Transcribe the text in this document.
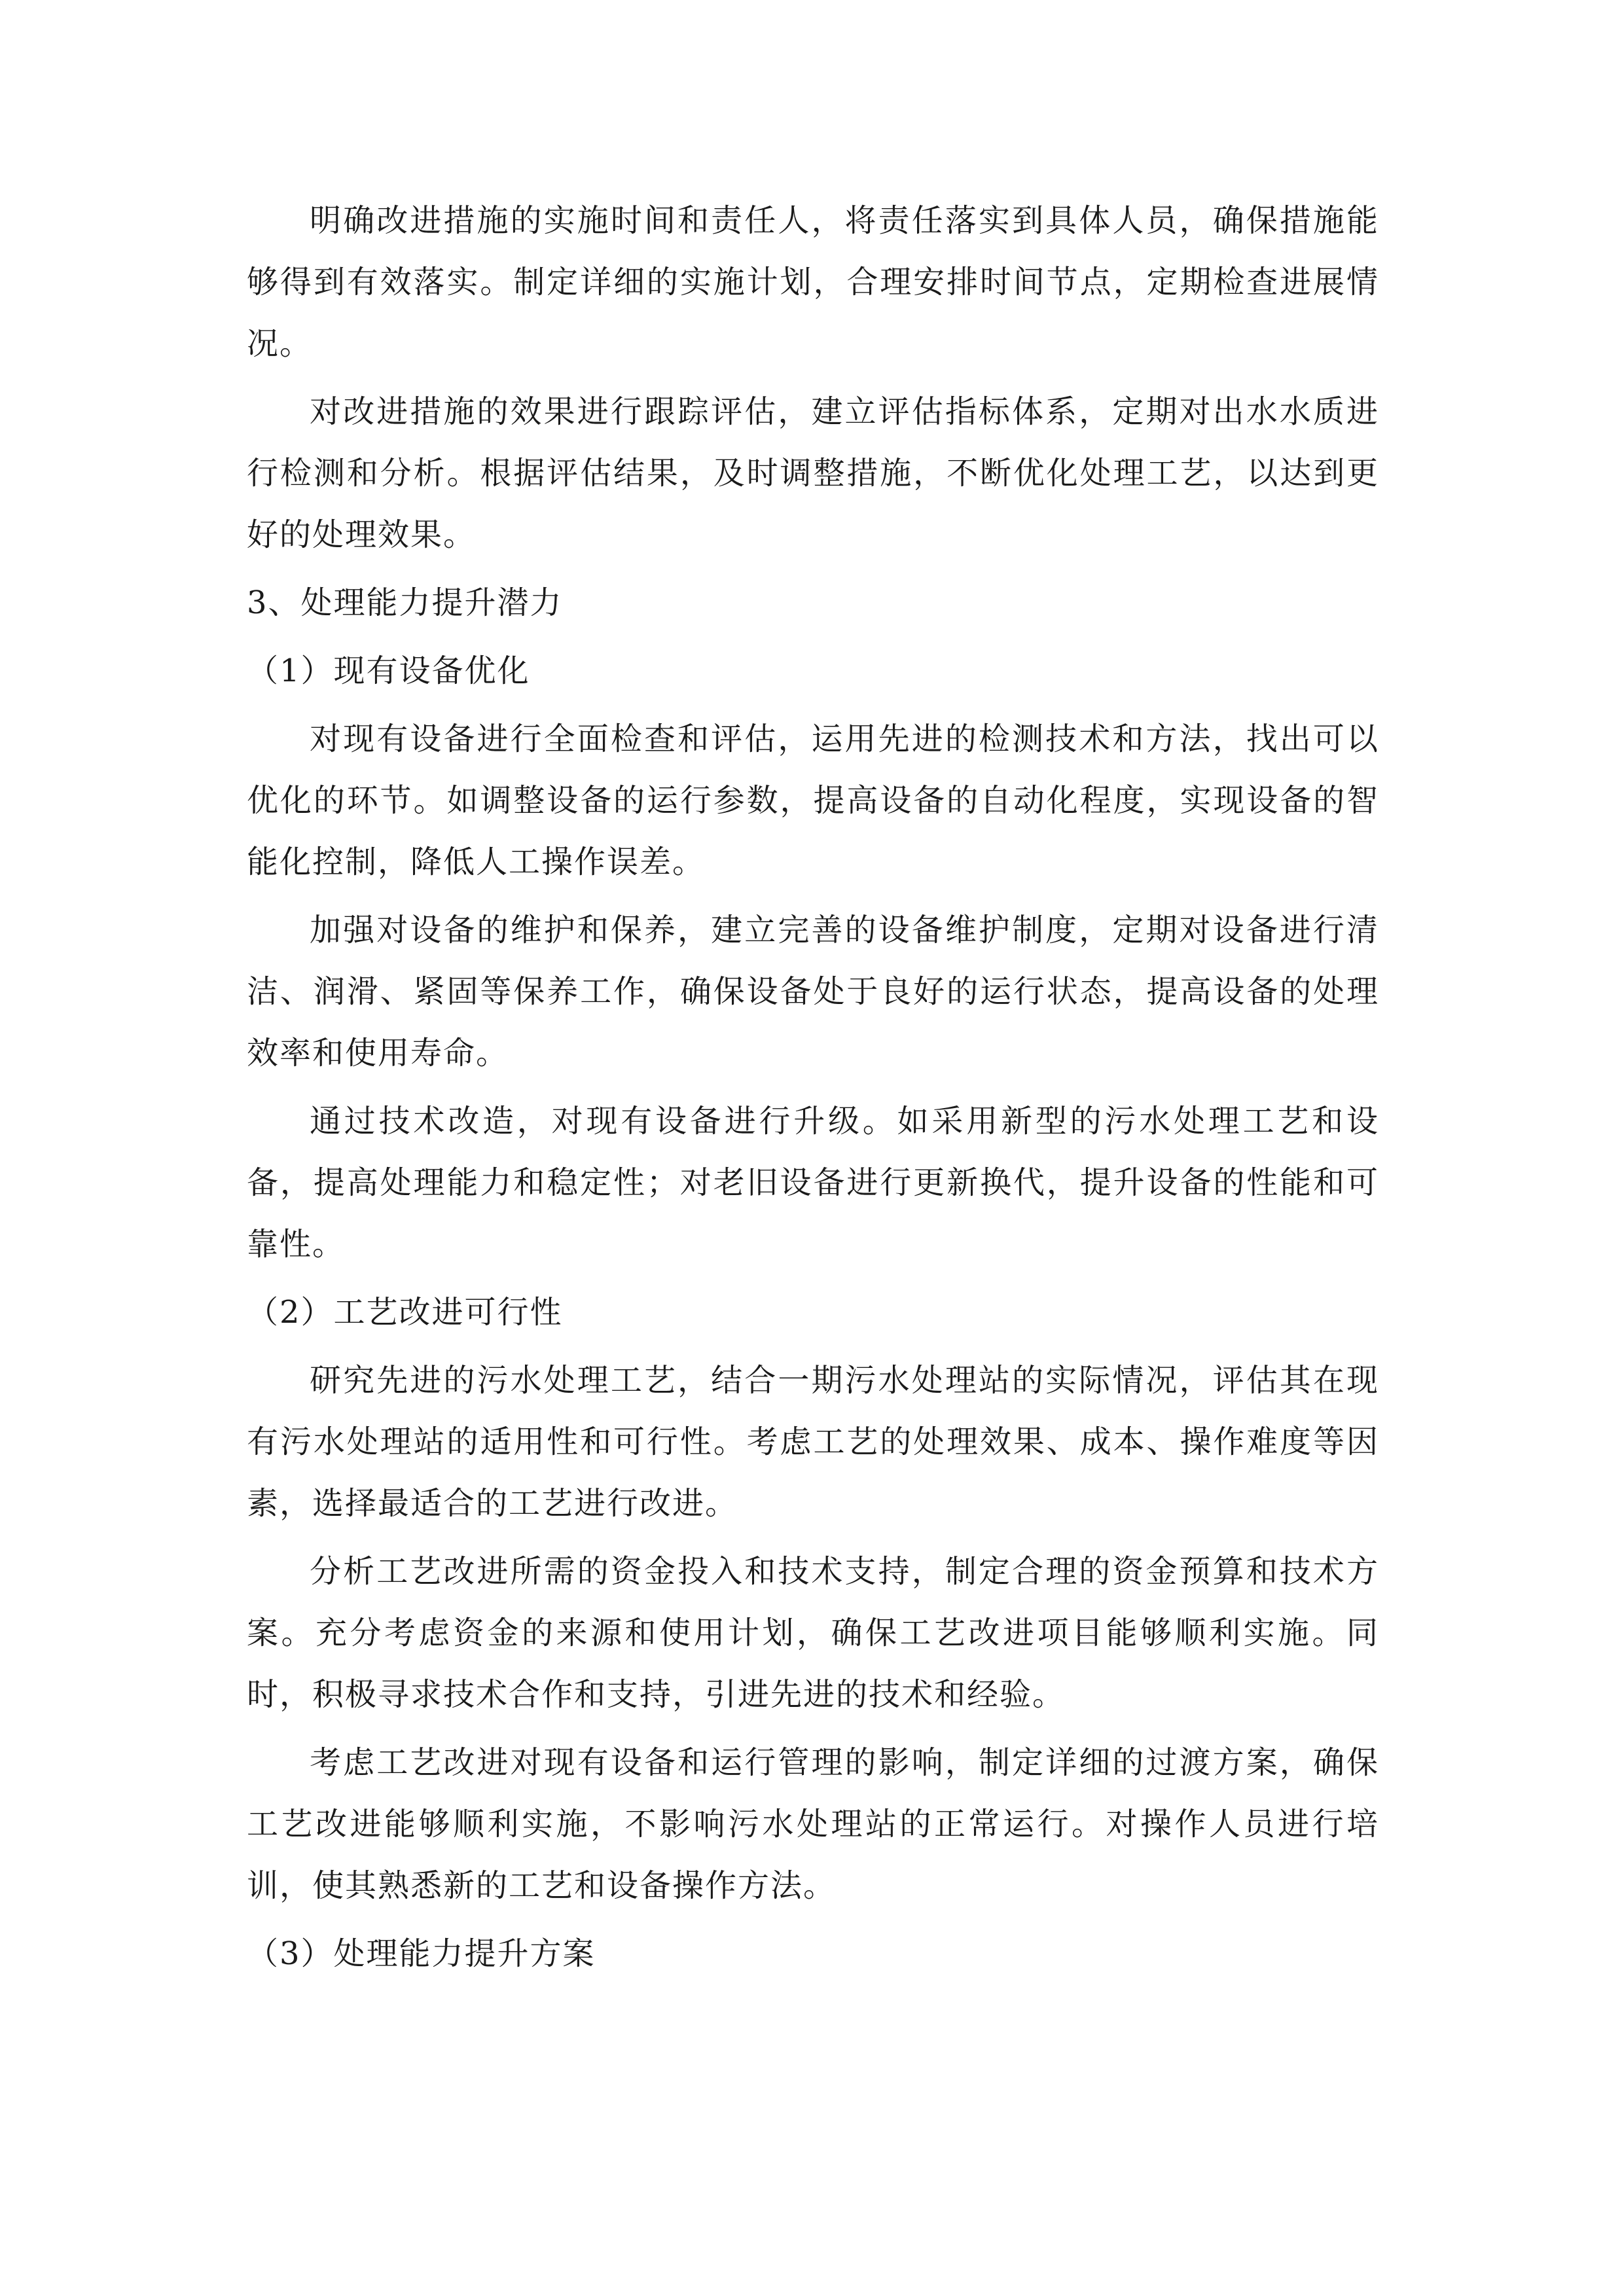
明确改进措施的实施时间和责任人，将责任落实到具体人员，确保措施能够得到有效落实。制定详细的实施计划，合理安排时间节点，定期检查进展情况。

对改进措施的效果进行跟踪评估，建立评估指标体系，定期对出水水质进行检测和分析。根据评估结果，及时调整措施，不断优化处理工艺，以达到更好的处理效果。

3、处理能力提升潜力

（1）现有设备优化

对现有设备进行全面检查和评估，运用先进的检测技术和方法，找出可以优化的环节。如调整设备的运行参数，提高设备的自动化程度，实现设备的智能化控制，降低人工操作误差。

加强对设备的维护和保养，建立完善的设备维护制度，定期对设备进行清洁、润滑、紧固等保养工作，确保设备处于良好的运行状态，提高设备的处理效率和使用寿命。

通过技术改造，对现有设备进行升级。如采用新型的污水处理工艺和设备，提高处理能力和稳定性；对老旧设备进行更新换代，提升设备的性能和可靠性。

（2）工艺改进可行性

研究先进的污水处理工艺，结合一期污水处理站的实际情况，评估其在现有污水处理站的适用性和可行性。考虑工艺的处理效果、成本、操作难度等因素，选择最适合的工艺进行改进。

分析工艺改进所需的资金投入和技术支持，制定合理的资金预算和技术方案。充分考虑资金的来源和使用计划，确保工艺改进项目能够顺利实施。同时，积极寻求技术合作和支持，引进先进的技术和经验。

考虑工艺改进对现有设备和运行管理的影响，制定详细的过渡方案，确保工艺改进能够顺利实施，不影响污水处理站的正常运行。对操作人员进行培训，使其熟悉新的工艺和设备操作方法。

（3）处理能力提升方案
